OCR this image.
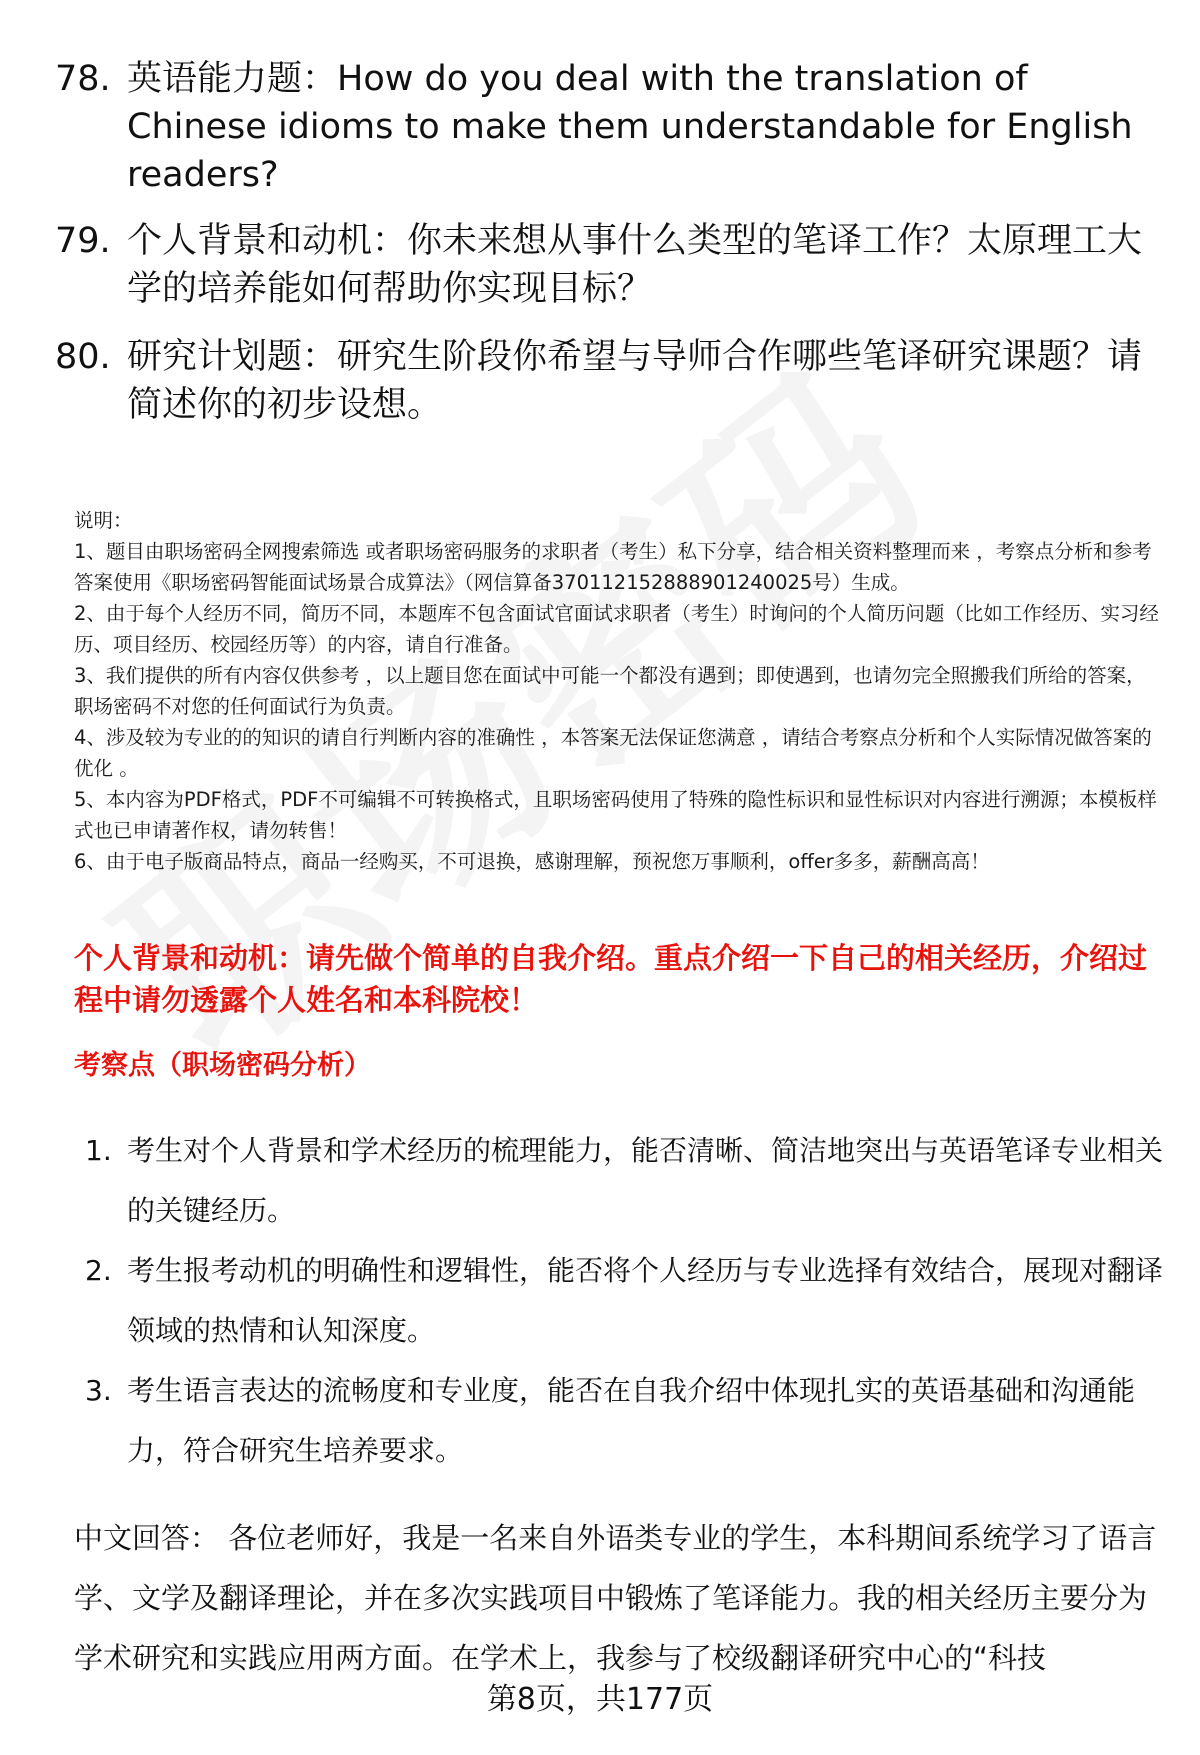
78. 英语能力题：How do you deal with the translation of Chinese idioms to make them understandable for English readers?
79. 个人背景和动机：你未来想从事什么类型的笔译工作？太原理工大学的培养能如何帮助你实现目标？
80. 研究计划题：研究生阶段你希望与导师合作哪些笔译研究课题？请简述你的初步设想。

说明：

1、题目由职场密码全网搜索筛选 或者职场密码服务的求职者（考生）私下分享，结合相关资料整理而来 ，考察点分析和参考答案使用《职场密码智能面试场景合成算法》（网信算备370112152888901240025号）生成。

2、由于每个人经历不同，简历不同，本题库不包含面试官面试求职者（考生）时询问的个人简历问题（比如工作经历、实习经历、项目经历、校园经历等）的内容，请自行准备。

3、我们提供的所有内容仅供参考 ，以上题目您在面试中可能一个都没有遇到；即使遇到，也请勿完全照搬我们所给的答案，职场密码不对您的任何面试行为负责。

4、涉及较为专业的的知识的请自行判断内容的准确性 ，本答案无法保证您满意 ，请结合考察点分析和个人实际情况做答案的优化 。

5、本内容为PDF格式，PDF不可编辑不可转换格式，且职场密码使用了特殊的隐性标识和显性标识对内容进行溯源；本模板样式也已申请著作权，请勿转售！

6、由于电子版商品特点，商品一经购买，不可退换，感谢理解，预祝您万事顺利，offer多多，薪酬高高！

个人背景和动机：请先做个简单的自我介绍。重点介绍一下自己的相关经历，介绍过程中请勿透露个人姓名和本科院校！
考察点（职场密码分析）
1. 考生对个人背景和学术经历的梳理能力，能否清晰、简洁地突出与英语笔译专业相关的关键经历。
2. 考生报考动机的明确性和逻辑性，能否将个人经历与专业选择有效结合，展现对翻译领域的热情和认知深度。
3. 考生语言表达的流畅度和专业度，能否在自我介绍中体现扎实的英语基础和沟通能力，符合研究生培养要求。
中文回答： 各位老师好，我是一名来自外语类专业的学生，本科期间系统学习了语言学、文学及翻译理论，并在多次实践项目中锻炼了笔译能力。我的相关经历主要分为学术研究和实践应用两方面。在学术上，我参与了校级翻译研究中心的“科技
第8页，共177页
